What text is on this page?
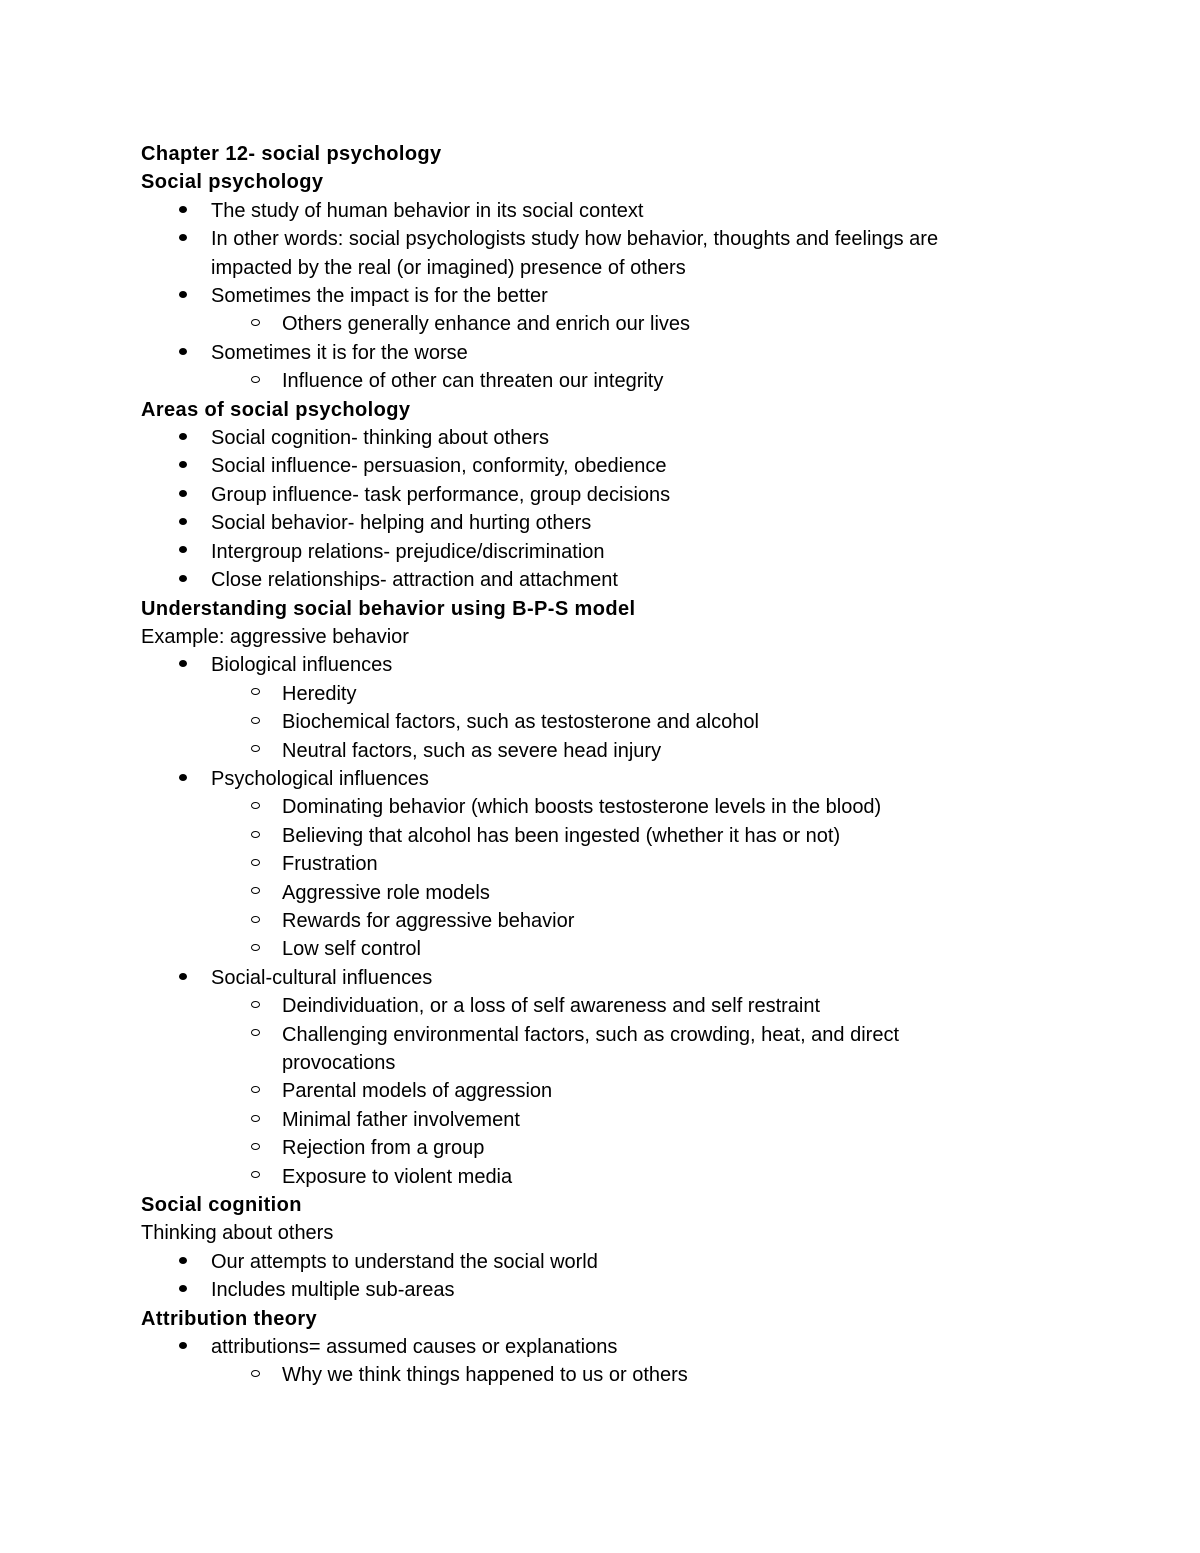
Chapter 12- social psychology
Social psychology
The study of human behavior in its social context
In other words: social psychologists study how behavior, thoughts and feelings are
impacted by the real (or imagined) presence of others
Sometimes the impact is for the better
Others generally enhance and enrich our lives
Sometimes it is for the worse
Influence of other can threaten our integrity
Areas of social psychology
Social cognition- thinking about others
Social influence- persuasion, conformity, obedience
Group influence- task performance, group decisions
Social behavior- helping and hurting others
Intergroup relations- prejudice/discrimination
Close relationships- attraction and attachment
Understanding social behavior using B-P-S model
Example: aggressive behavior
Biological influences
Heredity
Biochemical factors, such as testosterone and alcohol
Neutral factors, such as severe head injury
Psychological influences
Dominating behavior (which boosts testosterone levels in the blood)
Believing that alcohol has been ingested (whether it has or not)
Frustration
Aggressive role models
Rewards for aggressive behavior
Low self control
Social-cultural influences
Deindividuation, or a loss of self awareness and self restraint
Challenging environmental factors, such as crowding, heat, and direct
provocations
Parental models of aggression
Minimal father involvement
Rejection from a group
Exposure to violent media
Social cognition
Thinking about others
Our attempts to understand the social world
Includes multiple sub-areas
Attribution theory
attributions= assumed causes or explanations
Why we think things happened to us or others
